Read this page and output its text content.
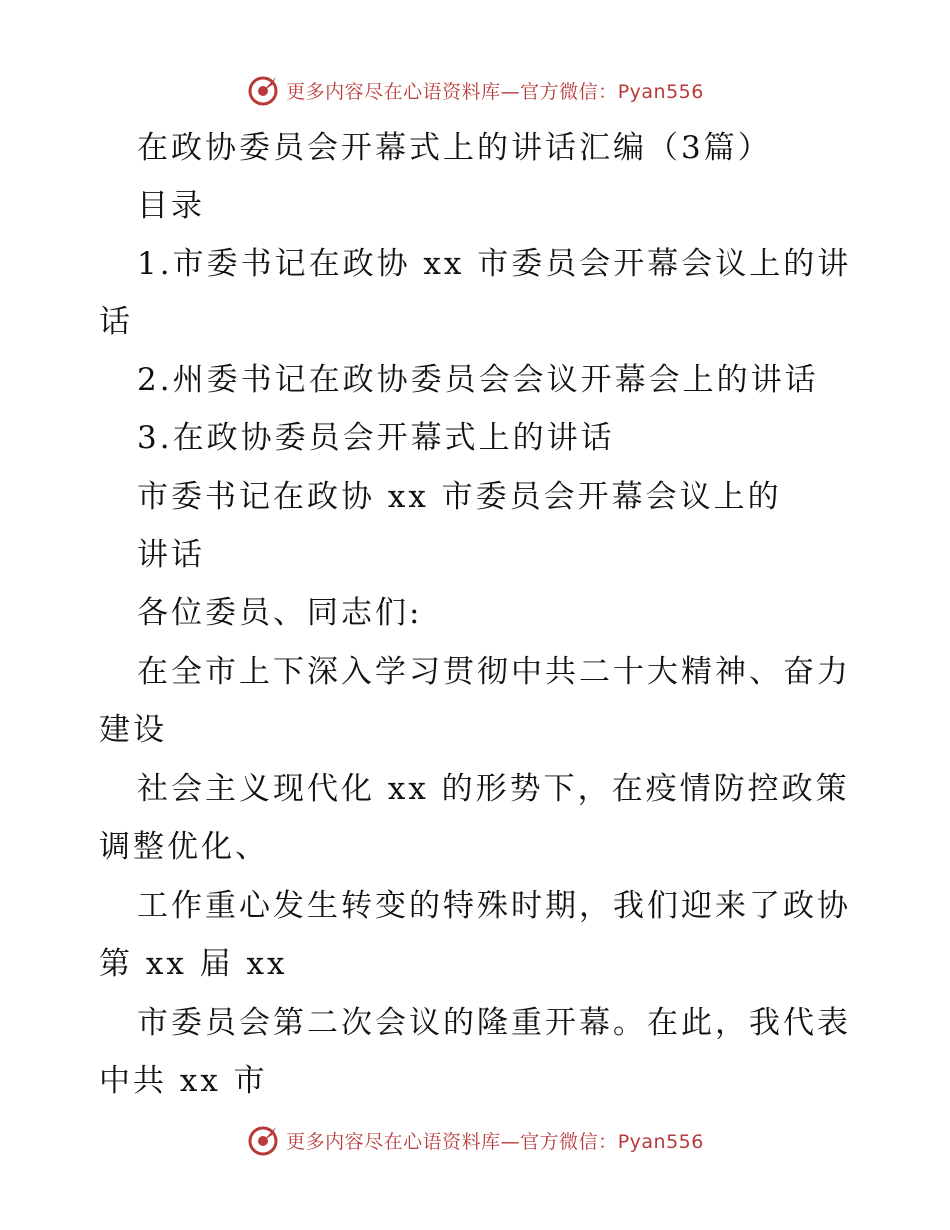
更多内容尽在心语资料库—官方微信：Pyan556
在政协委员会开幕式上的讲话汇编（3篇）
目录
1.市委书记在政协 xx 市委员会开幕会议上的讲
话
2.州委书记在政协委员会会议开幕会上的讲话
3.在政协委员会开幕式上的讲话
市委书记在政协 xx 市委员会开幕会议上的
讲话
各位委员、同志们:
在全市上下深入学习贯彻中共二十大精神、奋力
建设
社会主义现代化 xx 的形势下，在疫情防控政策
调整优化、
工作重心发生转变的特殊时期，我们迎来了政协
第 xx 届 xx
市委员会第二次会议的隆重开幕。在此，我代表
中共 xx 市
更多内容尽在心语资料库—官方微信：Pyan556
